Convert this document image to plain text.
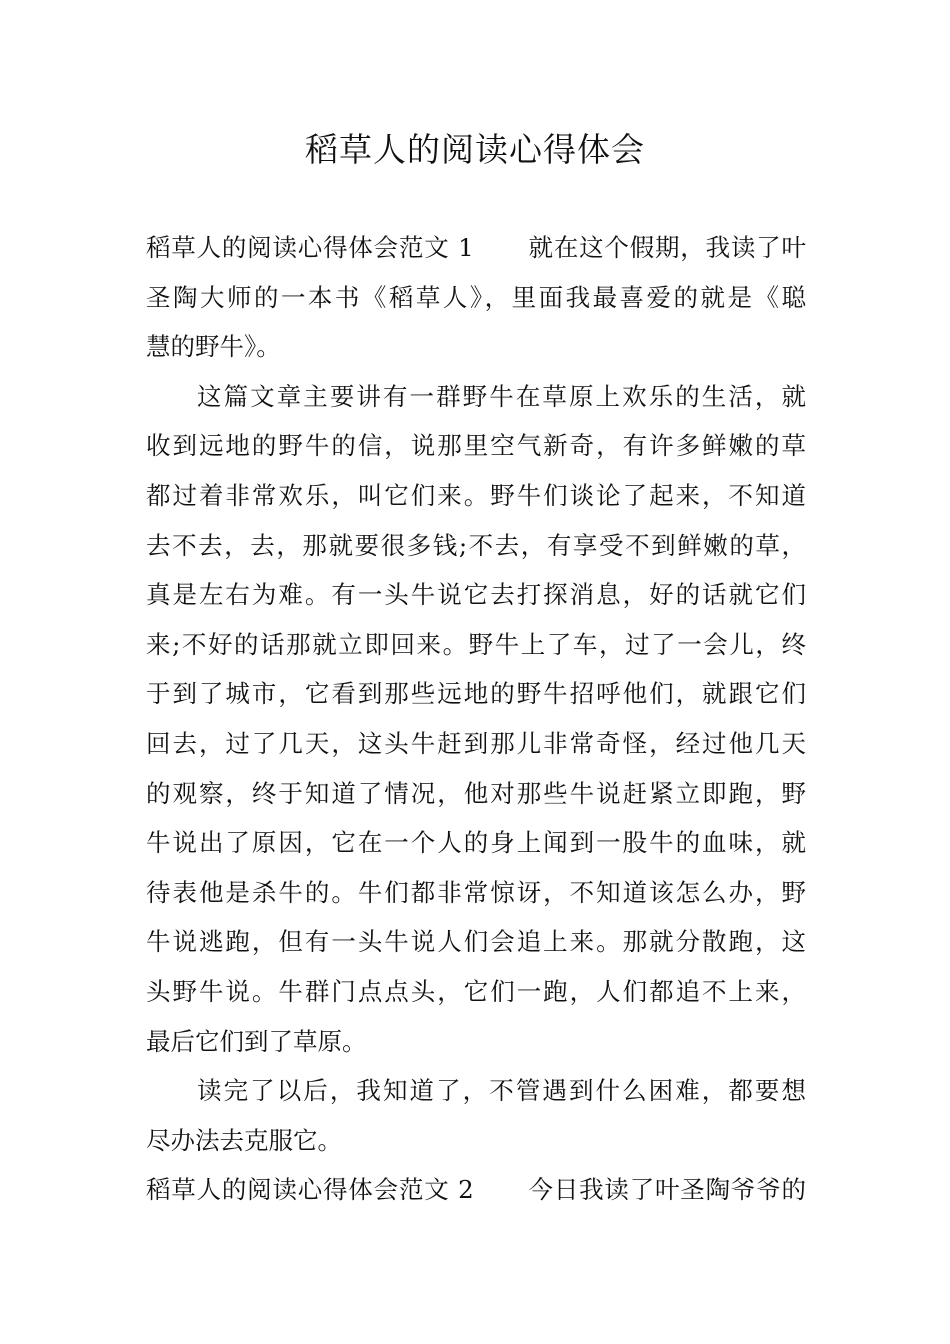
稻草人的阅读心得体会
稻草人的阅读心得体会范文 1 就在这个假期，我读了叶
圣陶大师的一本书《稻草人》，里面我最喜爱的就是《聪
慧的野牛》。
这篇文章主要讲有一群野牛在草原上欢乐的生活，就
收到远地的野牛的信，说那里空气新奇，有许多鲜嫩的草
都过着非常欢乐，叫它们来。野牛们谈论了起来，不知道
去不去，去，那就要很多钱;不去，有享受不到鲜嫩的草，
真是左右为难。有一头牛说它去打探消息，好的话就它们
来;不好的话那就立即回来。野牛上了车，过了一会儿，终
于到了城市，它看到那些远地的野牛招呼他们，就跟它们
回去，过了几天，这头牛赶到那儿非常奇怪，经过他几天
的观察，终于知道了情况，他对那些牛说赶紧立即跑，野
牛说出了原因，它在一个人的身上闻到一股牛的血味，就
待表他是杀牛的。牛们都非常惊讶，不知道该怎么办，野
牛说逃跑，但有一头牛说人们会追上来。那就分散跑，这
头野牛说。牛群门点点头，它们一跑，人们都追不上来，
最后它们到了草原。
读完了以后，我知道了，不管遇到什么困难，都要想
尽办法去克服它。
稻草人的阅读心得体会范文 2 今日我读了叶圣陶爷爷的
